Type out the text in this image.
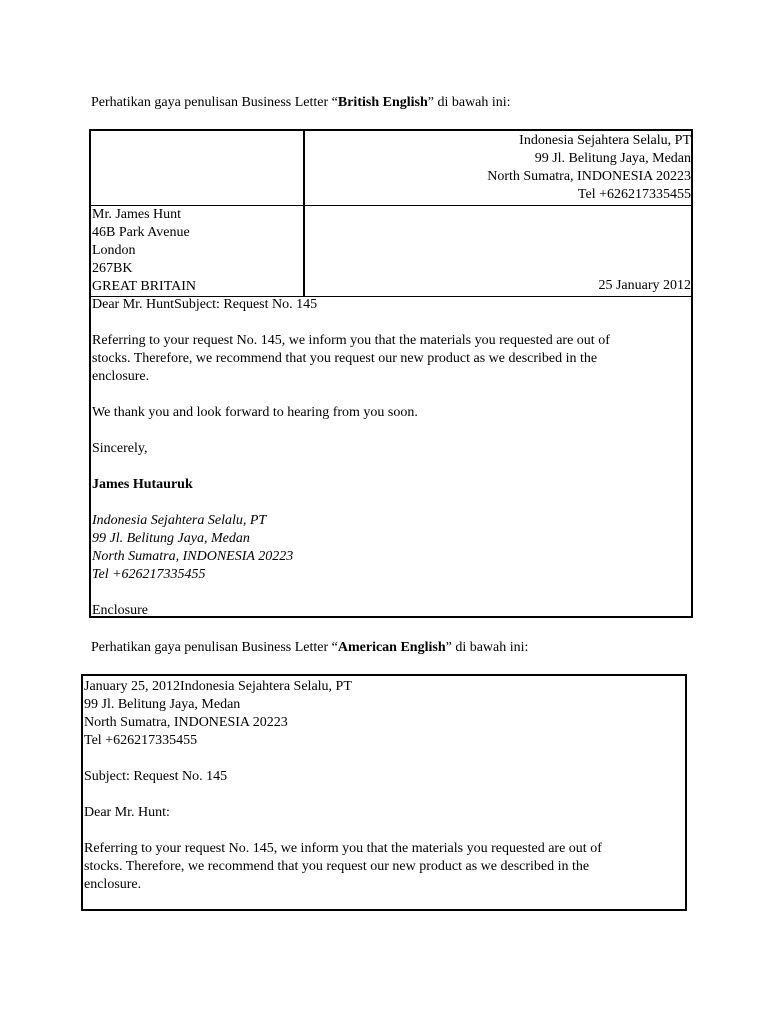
Perhatikan gaya penulisan Business Letter “British English” di bawah ini:
Indonesia Sejahtera Selalu, PT
99 Jl. Belitung Jaya, Medan
North Sumatra, INDONESIA 20223
Tel +626217335455
Mr. James Hunt
46B Park Avenue
London
267BK
GREAT BRITAIN	25 January 2012
Dear Mr. HuntSubject: Request No. 145
Referring to your request No. 145, we inform you that the materials you requested are out of
stocks. Therefore, we recommend that you request our new product as we described in the
enclosure.
We thank you and look forward to hearing from you soon.
Sincerely,
James Hutauruk
Indonesia Sejahtera Selalu, PT
99 Jl. Belitung Jaya, Medan
North Sumatra, INDONESIA 20223
Tel +626217335455
Enclosure
Perhatikan gaya penulisan Business Letter “American English” di bawah ini:
January 25, 2012Indonesia Sejahtera Selalu, PT
99 Jl. Belitung Jaya, Medan
North Sumatra, INDONESIA 20223
Tel +626217335455
Subject: Request No. 145
Dear Mr. Hunt:
Referring to your request No. 145, we inform you that the materials you requested are out of
stocks. Therefore, we recommend that you request our new product as we described in the
enclosure.
